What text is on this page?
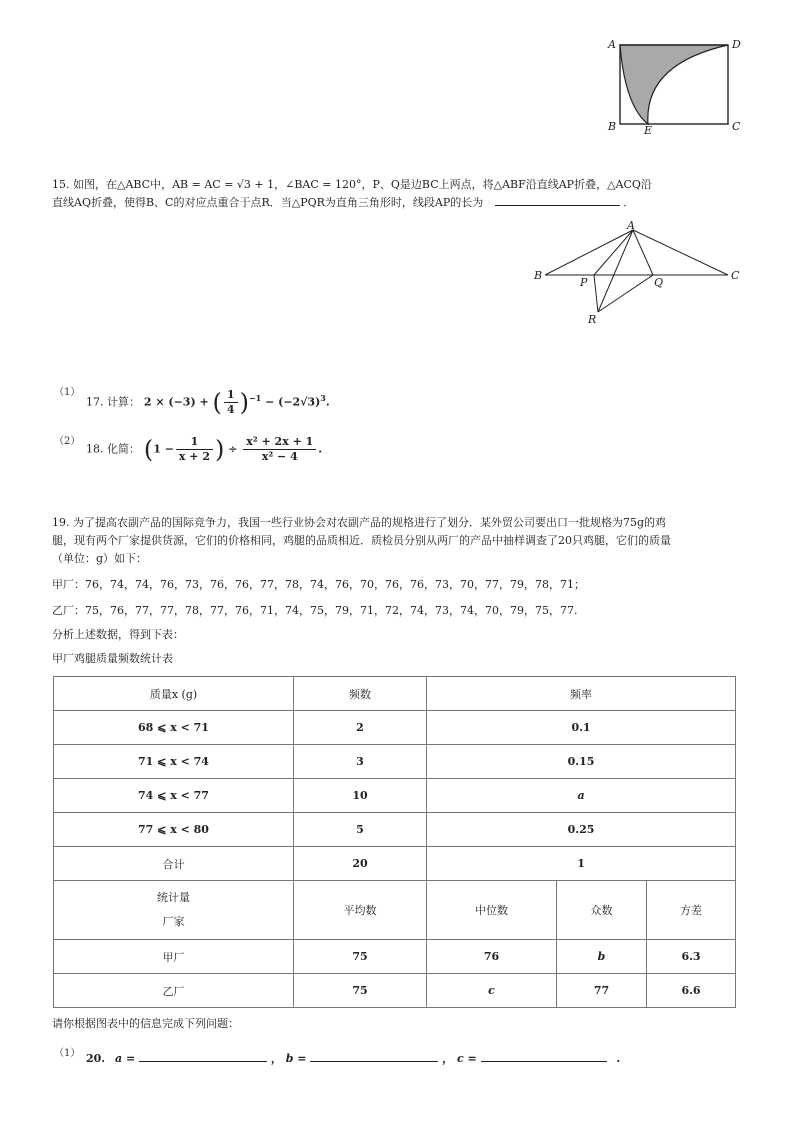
A	D
B	E	C
15. 如图，在△ABC中，AB = AC = √3 + 1，∠BAC = 120°，P、Q是边BC上两点，将△ABF沿直线AP折叠，△ACQ沿
直线AQ折叠，使得B、C的对应点重合于点R．当△PQR为直角三角形时，线段AP的长为	．
A
B	C
P	Q
R
（1）
17. 计算： 2 × (−3) + ( $\frac{1}{4} )^{-1} - (-2√3)^3$.
（2）
18. 化简： ($1 - \frac{1}{x + 2}$ ) ÷ $\frac{\text{x² + 2x + 1}}{\text{x² − 4}}$ .
19. 为了提高农副产品的国际竞争力，我国一些行业协会对农副产品的规格进行了划分．某外贸公司要出口一批规格为75g的鸡
腿，现有两个厂家提供货源，它们的价格相同，鸡腿的品质相近．质检员分别从两厂的产品中抽样调查了20只鸡腿，它们的质量
（单位：g）如下：
甲厂：76，74，74，76，73，76，76，77，78，74，76，70，76，76，73，70，77，79，78，71；
乙厂：75，76，77，77，78，77，76，71，74，75，79，71，72，74，73，74，70，79，75，77.
分析上述数据，得到下表：
甲厂鸡腿质量频数统计表
质量x (g)	频数	频率		
68 ⩽ x < 71	2	0.1		
71 ⩽ x < 74	3	0.15		
74 ⩽ x < 77	10	a		
77 ⩽ x < 80	5	0.25		
合计	20	1		

统计量
厂家	平均数	中位数	众数	方差
甲厂	75	76	b	6.3
乙厂	75	c	77	6.6
请你根据图表中的信息完成下列问题：
（1） 20. a =	， b =	， c =	.
